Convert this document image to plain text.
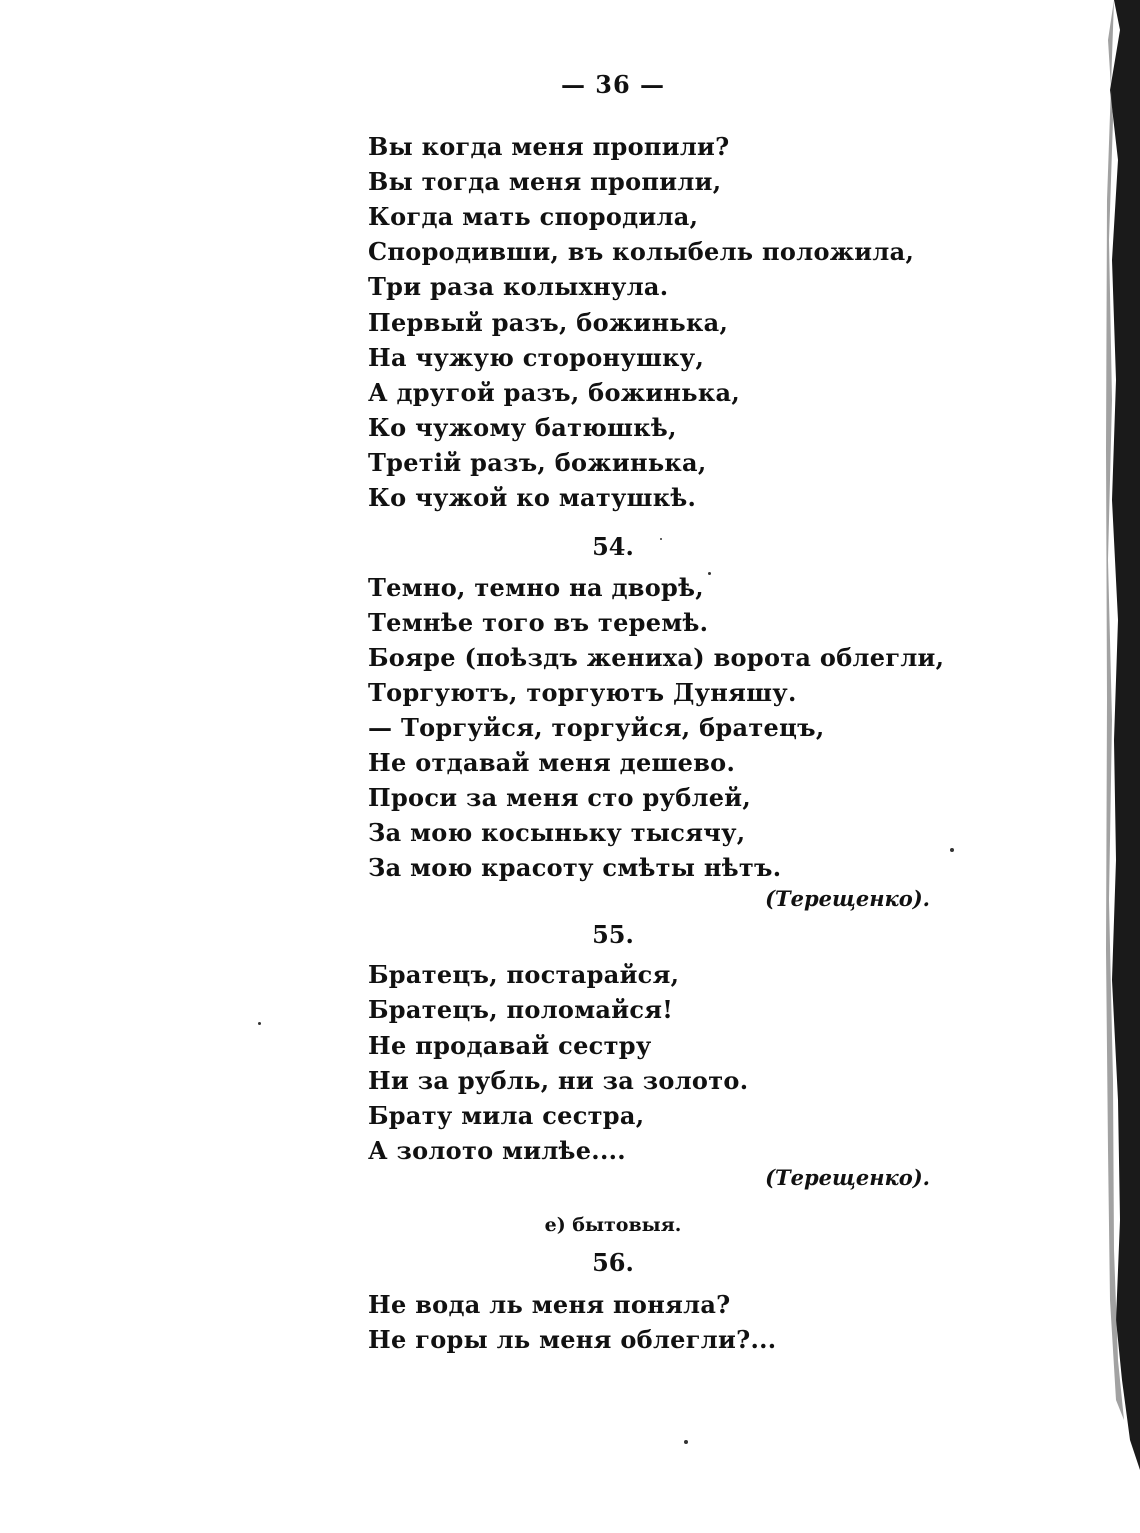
— 36 —
Вы когда меня пропили?
Вы тогда меня пропили,
Когда мать спородила,
Спородивши, въ колыбель положила,
Три раза колыхнула.
Первый разъ, божинька,
На чужую сторонушку,
А другой разъ, божинька,
Ко чужому батюшкѣ,
Третій разъ, божинька,
Ко чужой ко матушкѣ.
54.
Темно, темно на дворѣ,
Темнѣе того въ теремѣ.
Бояре (поѣздъ жениха) ворота облегли,
Торгуютъ, торгуютъ Дуняшу.
— Торгуйся, торгуйся, братецъ,
Не отдавай меня дешево.
Проси за меня сто рублей,
За мою косыньку тысячу,
За мою красоту смѣты нѣтъ.
(Терещенко).
55.
Братецъ, постарайся,
Братецъ, поломайся!
Не продавай сестру
Ни за рубль, ни за золото.
Брату мила сестра,
А золото милѣе....
(Терещенко).
е) бытовыя.
56.
Не вода ль меня поняла?
Не горы ль меня облегли?...
